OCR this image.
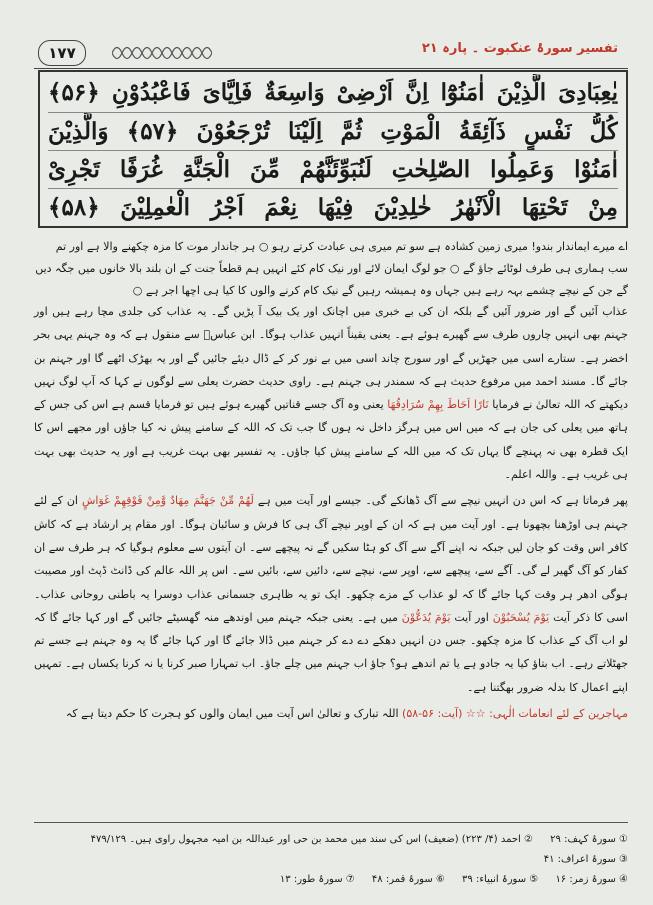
۱۷۷	تفسیر سورۂ عنکبوت ۔ پارہ ۲۱
یٰعِبَادِیَ الَّذِیْنَ اٰمَنُوْٓا اِنَّ اَرْضِیْ وَاسِعَةٌ فَاِیَّایَ فَاعْبُدُوْنِ ﴿۵۶﴾
كُلُّ نَفْسٍ ذَآئِقَةُ الْمَوْتِ ثُمَّ اِلَيْنَا تُرْجَعُوْنَ ﴿۵۷﴾ وَالَّذِیْنَ
اٰمَنُوْا وَعَمِلُوا الصّٰلِحٰتِ لَنُبَوِّئَنَّهُمْ مِّنَ الْجَنَّةِ غُرَفًا تَجْرِیْ
مِنْ تَحْتِهَا الْاَنْهٰرُ خٰلِدِیْنَ فِیْهَا نِعْمَ اَجْرُ الْعٰمِلِیْنَ ﴿۵۸﴾
اے میرے ایماندار بندو! میری زمین کشادہ ہے سو تم میری ہی عبادت کرتے رہو ○ ہر جاندار موت کا مزہ چکھنے والا ہے اور تم سب ہماری ہی طرف لوٹائے جاؤ گے ○ جو لوگ ایمان لائے اور نیک کام کئے انہیں ہم قطعاً جنت کے ان بلند بالا خانوں میں جگہ دیں گے جن کے نیچے چشمے بہہ رہے ہیں جہاں وہ ہمیشہ رہیں گے نیک کام کرنے والوں کا کیا ہی اچھا اجر ہے ○

عذاب آئیں گے اور ضرور آئیں گے بلکہ ان کی بے خبری میں اچانک اور یک بیک آ پڑیں گے۔ یہ عذاب کی جلدی مچا رہے ہیں اور جہنم بھی انہیں چاروں طرف سے گھیرے ہوئے ہے۔ یعنی یقیناً انہیں عذاب ہوگا۔ ابن عباسؓ سے منقول ہے کہ وہ جہنم یہی بحر اخضر ہے۔ ستارے اسی میں جھڑیں گے اور سورج چاند اسی میں بے نور کر کے ڈال دیئے جائیں گے اور یہ بھڑک اٹھے گا اور جہنم بن جائے گا۔ مسند احمد میں مرفوع حدیث ہے کہ سمندر ہی جہنم ہے۔ راوی حدیث حضرت یعلی سے لوگوں نے کہا کہ آپ لوگ نہیں دیکھتے کہ اللہ تعالیٰ نے فرمایا نَارًا اَحَاطَ بِهِمْ سُرَادِقُهَا یعنی وہ آگ جسے قناتیں گھیرے ہوئے ہیں تو فرمایا قسم ہے اس کی جس کے ہاتھ میں یعلی کی جان ہے کہ میں اس میں ہرگز داخل نہ ہوں گا جب تک کہ اللہ کے سامنے پیش نہ کیا جاؤں اور مجھے اس کا ایک قطرہ بھی نہ پہنچے گا یہاں تک کہ میں اللہ کے سامنے پیش کیا جاؤں۔ یہ تفسیر بھی بہت غریب ہے اور یہ حدیث بھی بہت ہی غریب ہے۔ واللہ اعلم۔

پھر فرماتا ہے کہ اس دن انہیں نیچے سے آگ ڈھانکے گی۔ جیسے اور آیت میں ہے لَهُمْ مِّنْ جَهَنَّمَ مِهَادٌ وَّمِنْ فَوْقِهِمْ غَوَاشٍ ان کے لئے جہنم ہی اوڑھنا بچھونا ہے۔ اور آیت میں ہے کہ ان کے اوپر نیچے آگ ہی کا فرش و سائبان ہوگا۔ اور مقام پر ارشاد ہے کہ کاش کافر اس وقت کو جان لیں جبکہ نہ اپنے آگے سے آگ کو ہٹا سکیں گے نہ پیچھے سے۔ ان آیتوں سے معلوم ہوگیا کہ ہر طرف سے ان کفار کو آگ گھیر لے گی۔ آگے سے، پیچھے سے، اوپر سے، نیچے سے، دائیں سے، بائیں سے۔ اس پر اللہ عالم کی ڈانٹ ڈپٹ اور مصیبت ہوگی ادھر ہر وقت کہا جائے گا کہ لو عذاب کے مزے چکھو۔ ایک تو یہ ظاہری جسمانی عذاب دوسرا یہ باطنی روحانی عذاب۔ اسی کا ذکر آیت یَوْمَ یُسْحَبُوْنَ اور آیت یَوْمَ یُدَعُّوْنَ میں ہے۔ یعنی جبکہ جہنم میں اوندھے منہ گھسیٹے جائیں گے اور کہا جائے گا کہ لو اب آگ کے عذاب کا مزہ چکھو۔ جس دن انہیں دھکے دے دے کر جہنم میں ڈالا جائے گا اور کہا جائے گا یہ وہ جہنم ہے جسے تم جھٹلاتے رہے۔ اب بتاؤ کیا یہ جادو ہے یا تم اندھے ہو؟ جاؤ اب جہنم میں چلے جاؤ۔ اب تمہارا صبر کرنا یا نہ کرنا یکساں ہے۔ تمہیں اپنے اعمال کا بدلہ ضرور بھگتنا ہے۔

مہاجرین کے لئے انعامات الٰہی: ☆☆ (آیت: ۵۶-۵۸) اللہ تبارک و تعالیٰ اس آیت میں ایمان والوں کو ہجرت کا حکم دیتا ہے کہ

① سورۂ کہف: ۲۹ ② احمد (۴/ ۲۲۳) (ضعیف) اس کی سند میں محمد بن حی اور عبداللہ بن امیہ مجہول راوی ہیں۔ ۴۷۹/۱۲۹ ③ سورۂ اعراف: ۴۱
④ سورۂ زمر: ۱۶ ⑤ سورۂ انبیاء: ۳۹ ⑥ سورۂ قمر: ۴۸ ⑦ سورۂ طور: ۱۳
